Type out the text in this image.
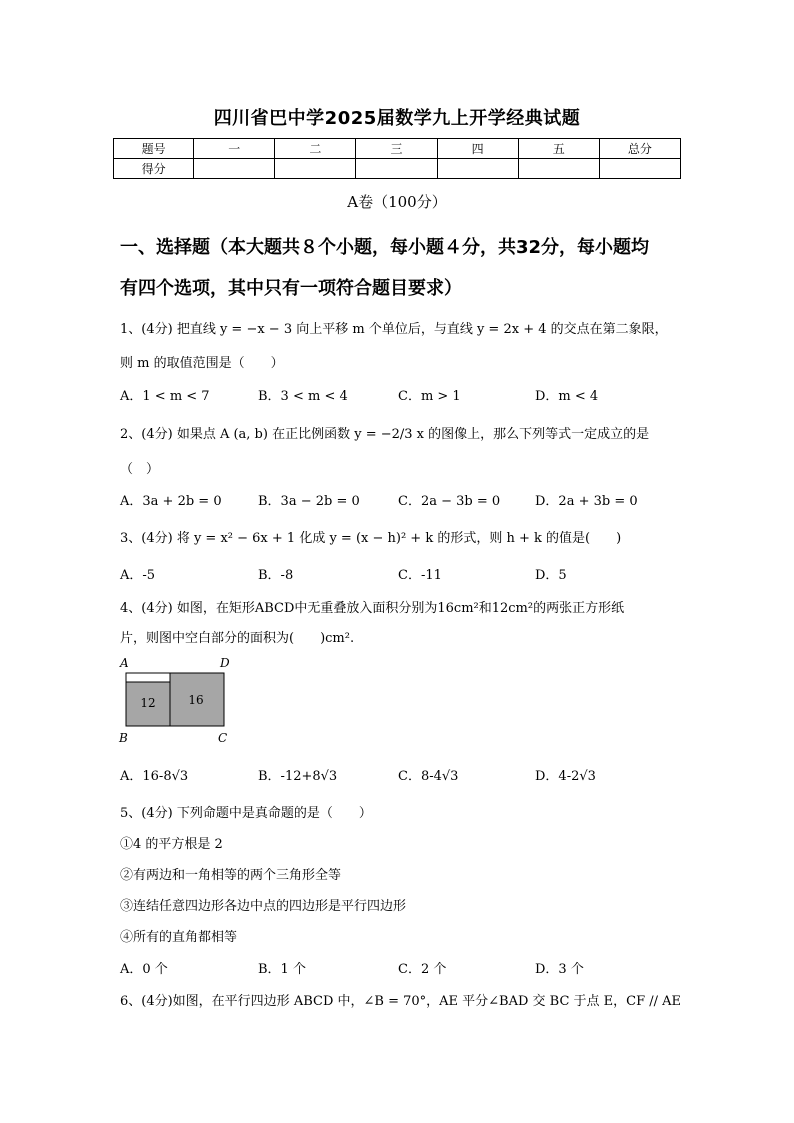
四川省巴中学2025届数学九上开学经典试题
题号	一	二	三	四	五	总分
得分						
A卷（100分）
一、选择题（本大题共８个小题，每小题４分，共32分，每小题均
有四个选项，其中只有一项符合题目要求）
1、(4分) 把直线 y = −x − 3 向上平移 m 个单位后，与直线 y = 2x + 4 的交点在第二象限，
则 m 的取值范围是（　　）
A．1 < m < 7	B．3 < m < 4	C．m > 1	D．m < 4
2、(4分) 如果点 A (a, b) 在正比例函数 y = −2/3 x 的图像上，那么下列等式一定成立的是
（　）
A．3a + 2b = 0	B．3a − 2b = 0	C．2a − 3b = 0	D．2a + 3b = 0
3、(4分) 将 y = x² − 6x + 1 化成 y = (x − h)² + k 的形式，则 h + k 的值是(　　)
A．-5	B．-8	C．-11	D．5
4、(4分) 如图，在矩形ABCD中无重叠放入面积分别为16cm²和12cm²的两张正方形纸
片，则图中空白部分的面积为(　　)cm².
A	D
B	C
12	16
A．16-8√3	B．-12+8√3	C．8-4√3	D．4-2√3
5、(4分) 下列命题中是真命题的是（　　）
①4 的平方根是 2
②有两边和一角相等的两个三角形全等
③连结任意四边形各边中点的四边形是平行四边形
④所有的直角都相等
A．0 个	B．1 个	C．2 个	D．3 个
6、(4分)如图，在平行四边形 ABCD 中，∠B = 70°，AE 平分∠BAD 交 BC 于点 E，CF // AE
